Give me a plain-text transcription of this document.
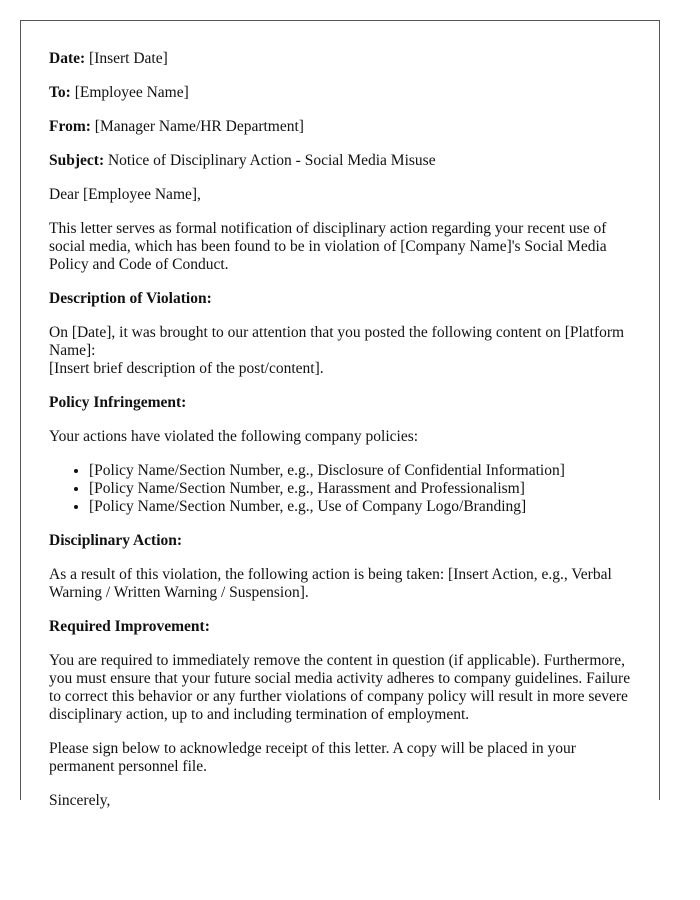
Date: [Insert Date]

To: [Employee Name]

From: [Manager Name/HR Department]

Subject: Notice of Disciplinary Action - Social Media Misuse

Dear [Employee Name],

This letter serves as formal notification of disciplinary action regarding your recent use of social media, which has been found to be in violation of [Company Name]'s Social Media Policy and Code of Conduct.

Description of Violation:

On [Date], it was brought to our attention that you posted the following content on [Platform Name]:
[Insert brief description of the post/content].

Policy Infringement:

Your actions have violated the following company policies:

• [Policy Name/Section Number, e.g., Disclosure of Confidential Information]
• [Policy Name/Section Number, e.g., Harassment and Professionalism]
• [Policy Name/Section Number, e.g., Use of Company Logo/Branding]
Disciplinary Action:

As a result of this violation, the following action is being taken: [Insert Action, e.g., Verbal Warning / Written Warning / Suspension].

Required Improvement:

You are required to immediately remove the content in question (if applicable). Furthermore, you must ensure that your future social media activity adheres to company guidelines. Failure to correct this behavior or any further violations of company policy will result in more severe disciplinary action, up to and including termination of employment.

Please sign below to acknowledge receipt of this letter. A copy will be placed in your permanent personnel file.

Sincerely,
